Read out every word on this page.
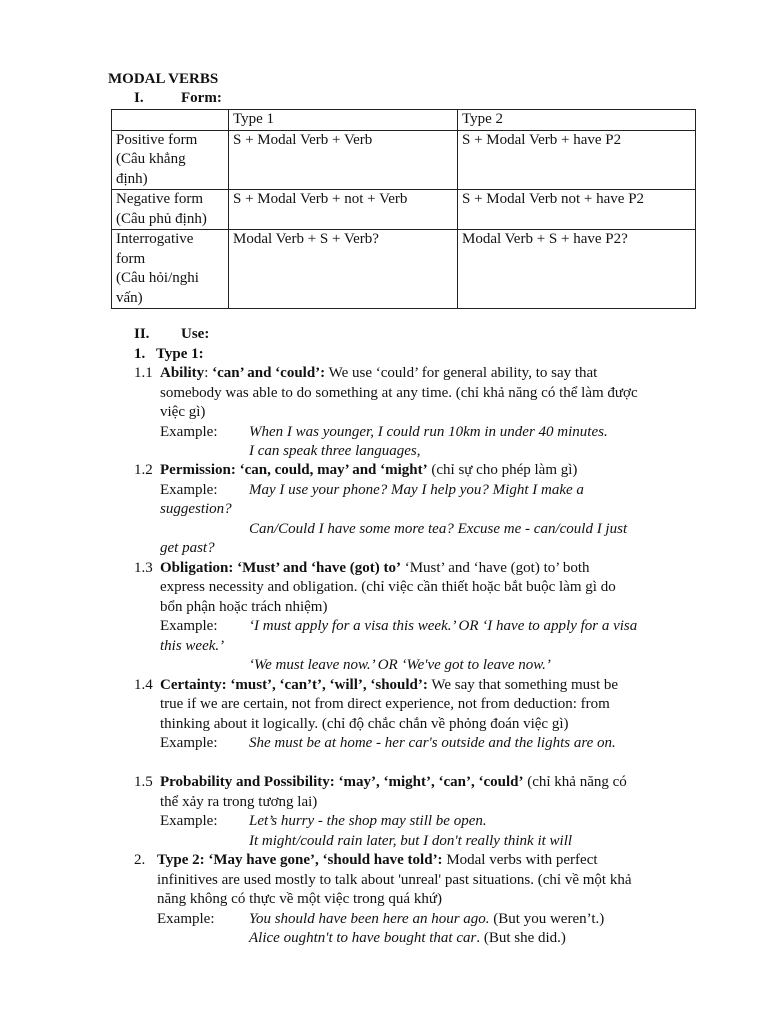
MODAL VERBS
I. Form:
	Type 1	Type 2

Positive form
(Câu khẳng
định)	S + Modal Verb + Verb	S + Modal Verb + have P2

Negative form
(Câu phủ định)	S + Modal Verb + not + Verb	S + Modal Verb not + have P2

Interrogative
form
(Câu hỏi/nghi
vấn)	Modal Verb + S + Verb?	Modal Verb + S + have P2?
II. Use:
1. Type 1:
1.1 Ability: ‘can’ and ‘could’: We use ‘could’ for general ability, to say that
somebody was able to do something at any time. (chỉ khả năng có thể làm được
việc gì)
Example: When I was younger, I could run 10km in under 40 minutes.
I can speak three languages,
1.2 Permission: ‘can, could, may’ and ‘might’ (chỉ sự cho phép làm gì)
Example: May I use your phone? May I help you? Might I make a
suggestion?
Can/Could I have some more tea? Excuse me - can/could I just
get past?
1.3 Obligation: ‘Must’ and ‘have (got) to’ ‘Must’ and ‘have (got) to’ both
express necessity and obligation. (chỉ việc cần thiết hoặc bắt buộc làm gì do
bổn phận hoặc trách nhiệm)
Example: ‘I must apply for a visa this week.’ OR ‘I have to apply for a visa
this week.’
‘We must leave now.’ OR ‘We've got to leave now.’
1.4 Certainty: ‘must’, ‘can’t’, ‘will’, ‘should’: We say that something must be
true if we are certain, not from direct experience, not from deduction: from
thinking about it logically. (chỉ độ chắc chắn về phỏng đoán việc gì)
Example: She must be at home - her car's outside and the lights are on.
1.5 Probability and Possibility: ‘may’, ‘might’, ‘can’, ‘could’ (chỉ khả năng có
thể xảy ra trong tương lai)
Example: Let’s hurry - the shop may still be open.
It might/could rain later, but I don't really think it will
2. Type 2: ‘May have gone’, ‘should have told’: Modal verbs with perfect
infinitives are used mostly to talk about 'unreal' past situations. (chỉ về một khả
năng không có thực về một việc trong quá khứ)
Example: You should have been here an hour ago. (But you weren’t.)
Alice oughtn't to have bought that car. (But she did.)
